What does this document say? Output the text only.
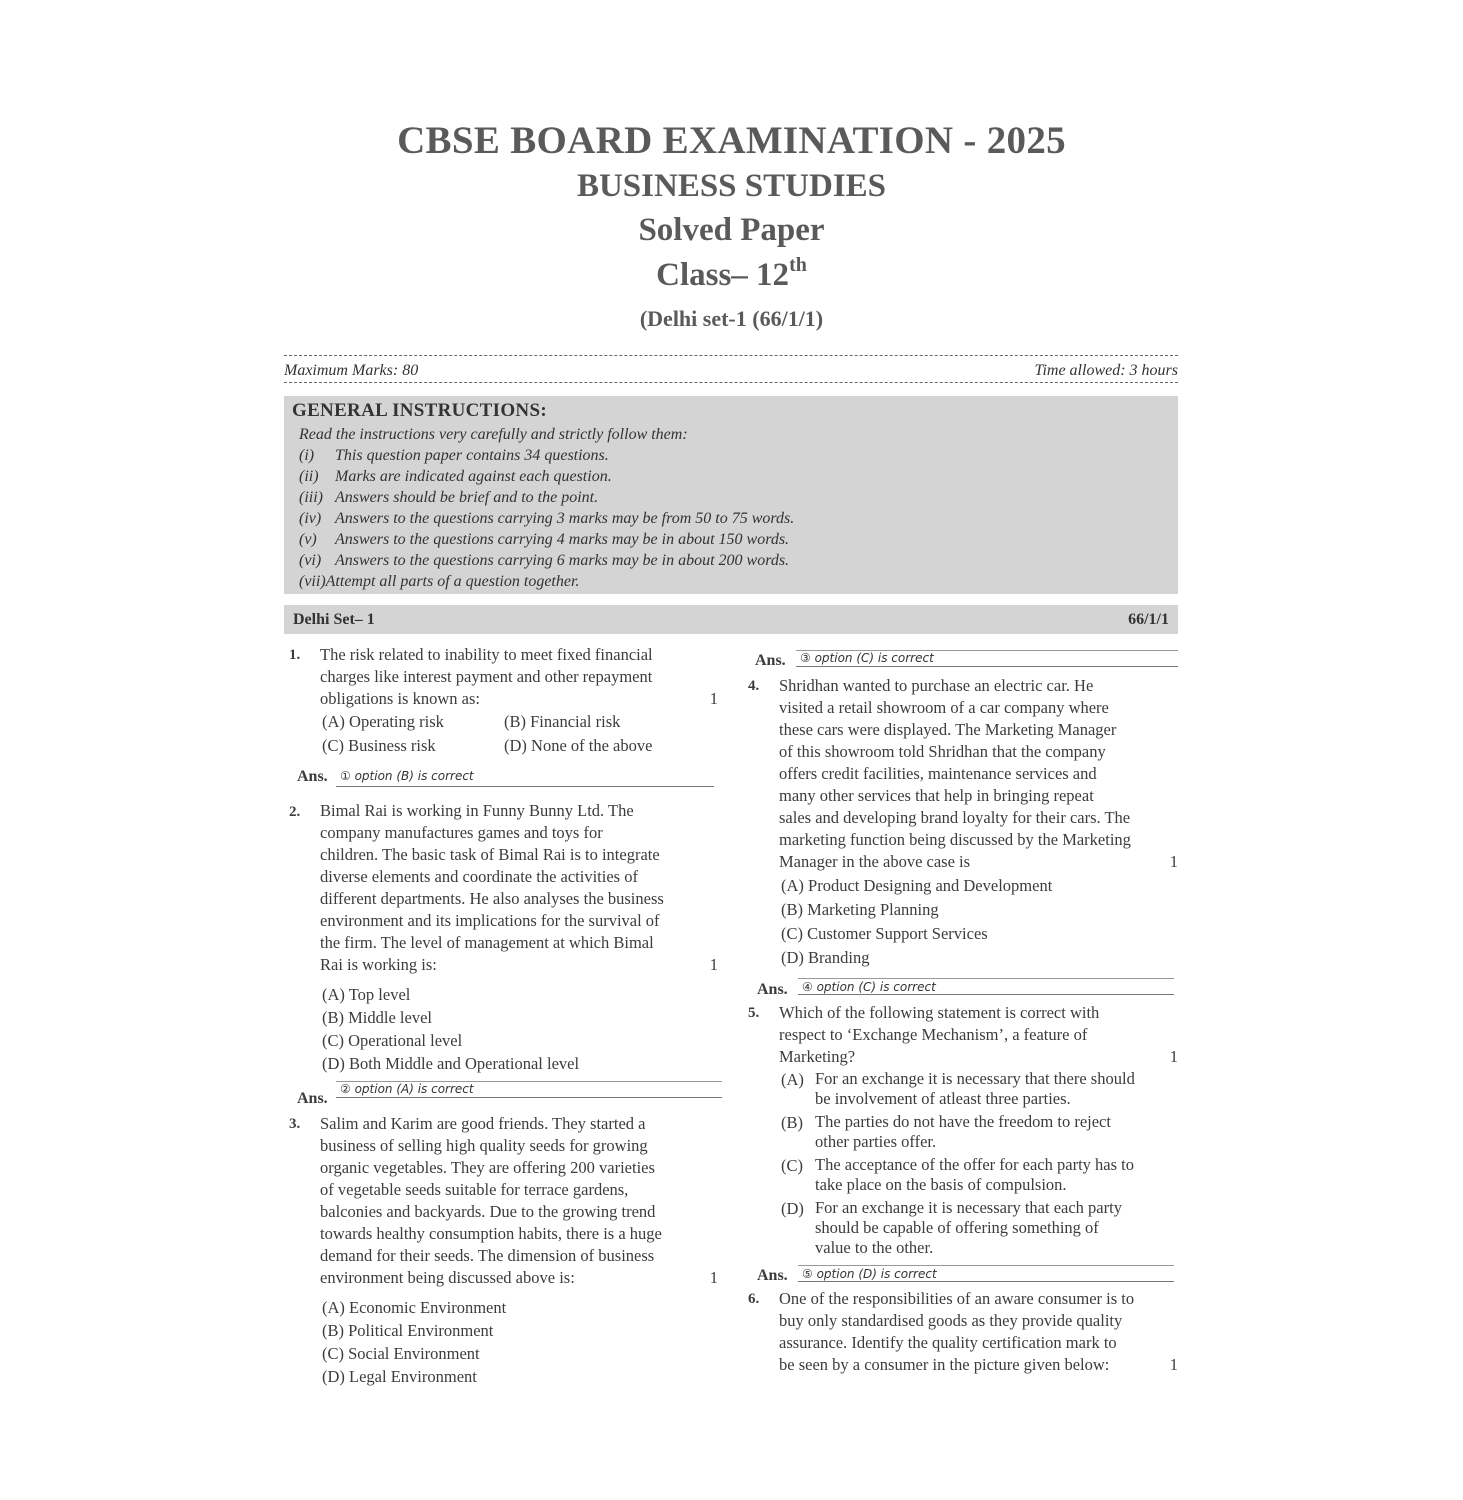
CBSE BOARD EXAMINATION - 2025
BUSINESS STUDIES
Solved Paper
Class– 12th
(Delhi set-1 (66/1/1)
Maximum Marks: 80	Time allowed: 3 hours
GENERAL INSTRUCTIONS:
Read the instructions very carefully and strictly follow them:
(i) This question paper contains 34 questions.
(ii) Marks are indicated against each question.
(iii) Answers should be brief and to the point.
(iv) Answers to the questions carrying 3 marks may be from 50 to 75 words.
(v) Answers to the questions carrying 4 marks may be in about 150 words.
(vi) Answers to the questions carrying 6 marks may be in about 200 words.
(vii)Attempt all parts of a question together.
Delhi Set– 1	66/1/1
1. The risk related to inability to meet fixed financial
charges like interest payment and other repayment
obligations is known as:	1
(A) Operating risk	(B) Financial risk
(C) Business risk	(D) None of the above
Ans. ① option (B) is correct
2. Bimal Rai is working in Funny Bunny Ltd. The
company manufactures games and toys for
children. The basic task of Bimal Rai is to integrate
diverse elements and coordinate the activities of
different departments. He also analyses the business
environment and its implications for the survival of
the firm. The level of management at which Bimal
Rai is working is:	1
(A) Top level
(B) Middle level
(C) Operational level
(D) Both Middle and Operational level
② option (A) is correct
Ans.
3. Salim and Karim are good friends. They started a
business of selling high quality seeds for growing
organic vegetables. They are offering 200 varieties
of vegetable seeds suitable for terrace gardens,
balconies and backyards. Due to the growing trend
towards healthy consumption habits, there is a huge
demand for their seeds. The dimension of business
environment being discussed above is:	1
(A) Economic Environment
(B) Political Environment
(C) Social Environment
(D) Legal Environment
③ option (C) is correct
Ans.
4. Shridhan wanted to purchase an electric car. He
visited a retail showroom of a car company where
these cars were displayed. The Marketing Manager
of this showroom told Shridhan that the company
offers credit facilities, maintenance services and
many other services that help in bringing repeat
sales and developing brand loyalty for their cars. The
marketing function being discussed by the Marketing
Manager in the above case is	1
(A) Product Designing and Development
(B) Marketing Planning
(C) Customer Support Services
(D) Branding
④ option (C) is correct
Ans.
5. Which of the following statement is correct with
respect to ‘Exchange Mechanism’, a feature of
Marketing?	1
(A) For an exchange it is necessary that there should
be involvement of atleast three parties.
(B) The parties do not have the freedom to reject
other parties offer.
(C) The acceptance of the offer for each party has to
take place on the basis of compulsion.
(D) For an exchange it is necessary that each party
should be capable of offering something of
value to the other.
⑤ option (D) is correct
Ans.
6. One of the responsibilities of an aware consumer is to
buy only standardised goods as they provide quality
assurance. Identify the quality certification mark to
be seen by a consumer in the picture given below:	1
